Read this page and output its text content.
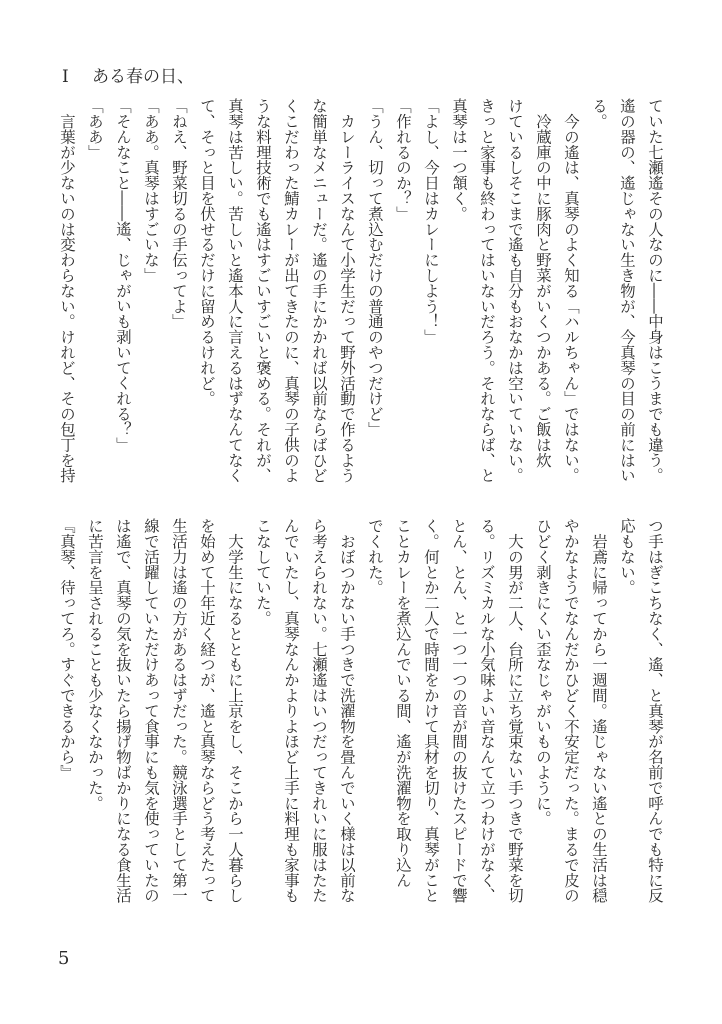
I ある春の日、
ていた七瀬遙その人なのに――中身はこうまでも違う。
遙の器の、遙じゃない生き物が、今真琴の目の前にはい
る。
　今の遙は、真琴のよく知る「ハルちゃん」ではない。
　冷蔵庫の中に豚肉と野菜がいくつかある。ご飯は炊
けているしそこまで遙も自分もおなかは空いていない。
きっと家事も終わってはいないだろう。それならば、と
真琴は一つ頷く。
「よし、今日はカレーにしよう！」
「作れるのか？」
「うん、切って煮込むだけの普通のやつだけど」
　カレーライスなんて小学生だって野外活動で作るよう
な簡単なメニューだ。遙の手にかかれば以前ならばひど
くこだわった鯖カレーが出てきたのに、真琴の子供のよ
うな料理技術でも遙はすごいすごいと褒める。それが、
真琴は苦しい。苦しいと遙本人に言えるはずなんてなく
て、そっと目を伏せるだけに留めるけれど。
「ねえ、野菜切るの手伝ってよ」
「ああ。真琴はすごいな」
「そんなこと――遙、じゃがいも剥いてくれる？」
「ああ」
　言葉が少ないのは変わらない。けれど、その包丁を持
つ手はぎこちなく、遙、と真琴が名前で呼んでも特に反
応もない。
　岩鳶に帰ってから一週間。遙じゃない遙との生活は穏
やかなようでなんだかひどく不安定だった。まるで皮の
ひどく剥きにくい歪なじゃがいものように。
　大の男が二人、台所に立ち覚束ない手つきで野菜を切
る。リズミカルな小気味よい音なんて立つわけがなく、
とん、とん、と一つ一つの音が間の抜けたスピードで響
く。何とか二人で時間をかけて具材を切り、真琴がこと
ことカレーを煮込んでいる間、遙が洗濯物を取り込ん
でくれた。
　おぼつかない手つきで洗濯物を畳んでいく様は以前な
ら考えられない。七瀬遙はいつだってきれいに服はたた
んでいたし、真琴なんかよりよほど上手に料理も家事も
こなしていた。
　大学生になるとともに上京をし、そこから一人暮らし
を始めて十年近く経つが、遙と真琴ならどう考えたって
生活力は遙の方があるはずだった。競泳選手として第一
線で活躍していただけあって食事にも気を使っていたの
は遙で、真琴の気を抜いたら揚げ物ばかりになる食生活
に苦言を呈されることも少なくなかった。
『真琴、待ってろ。すぐできるから』
5
